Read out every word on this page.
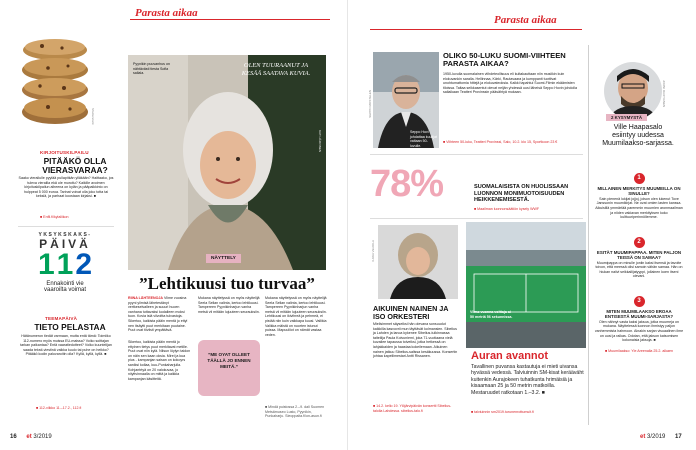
Parasta aikaa
Parasta aikaa
Shutterstock
KIRJOITUSKILPAILU
PITÄÄKÖ OLLA VIERASVARAA?
Saako vierailulle pyytää pullapitkän ylläkään? Haittaako, jos tuleva vierailla ekä ole muroitu? Kaikille avoimen kirjoituskilpailun aiheena on kylän ja pääpaikkinto on hulppeat 5 000 euroa. Tarinat voivat olla joko totta tai keksiä, ja parhaat koostaan kirjaksi. ■
■ Enfli.fi/kylaliikon
YKSYKSKAKS-
PÄIVÄ
1 1 2
Ennakointi vie
vaaroilta voimat
TEEMAPÄIVÄ
TIETO PELASTAA
Hätänumeron tiedät varmaan, mutta entä tämä: Toimiiko 112-numero myös muissa EU-maissa? Voiko soittajan tarkan paikantaa? Entä vaaratiedotteet? Voiko kuuntelijan saada teksti-viestinä vaikka kuulo tai puhe on heikko? Pitääkö kodin palovaroitin olla? Kyllä, kyllä, kyllä. ■
■ 112-viikko 11.–17.2., 112.fi
Pyynikin puuvanhus on nähtävästi tiesta Sofia sallala.
OLEN TUURAANUT JA KESÄÄ SAATAVA KUVIA.
KATI JÄRVINEN
NÄYTTELY
”Lehtikuusi tuo turvaa”
RIINA LÄHTEENOJA Viime vuosina pyyni ylimisä lähetestänyt vertkeselvalleen ja suuuri huoen vanhana tuttavaksi kodalleen moksi tuon. Kovia isiä vilvoitta tulvastoja. Sikertoo, kaikista pääin mentä jo ettyl nen itsäytti puut merkitaan puutaine. Puut ovat tiiviisti ympättävä.
Sikertoo, kaikista pääin mentä jo ettylnen tietys puut merkitavat metille. Puut ovat niin kylä. Nilsun löylyn taidon on näin sen kaan oksia. Mirei ja kua pius - kampanjan saisan on kokoyrs saniksi kollaa, kuu-Punkaharjulla. Kohjantrtyä on 20 valokuvaa, jo niiyttvinnaalla on mittä ja kaikkia kampanjan käsitteitä.
”ME OYAT OLLEET TÄÄLLÄ JO ENNEN MEITÄ.”
Mukana näyttelyssä on myös näyttelijä Seela Sellan valinta, kertoo lehtikuusi. Tampereen Pyynikinharjun vanha metsä vii mitään lujuuteen seurauksiin.
Mukana näyttelyssä on myös näyttelijä Seela Sellan valinta, kertoo lehtikuusi. Tampereen Pyynikinharjun vanha metsä vii mitään lujuuteen seurauksiin. Lehtikuusi on ikivihreä ja pehmeä, ei pistää niin kuin vaikkapa kuusi. Vallikia Valikka mäistä on nuorten istunut puissa. Mapuuliiot on nämät vastaa veden.
■ Mindä puistossa 2.–9. dali Suomen Metsämuseo Lusto, Pyynikin, Punkaharju. Sieoppaita.fi/on-asun.fi
SEPPO MOSTELEN
Seppo Hovi johdattaa kuulijat valtaan 50-luvulle.
OLIKO 50-LUKU SUOMI-VIIHTEEN PARASTA AIKAA?
1950-luvulla suomalainen viihdeteollisuus eli kultakauttaan niin musiikin kuin elokuvankin saralla. Hellinnaa, Kärki, Rautavaara ja kumppanit tuottivat unohtumattomia hittejä ja elokuvateoksia. Kaikki tapahtui Suomi-Filmin ekäämisten tiloissa. Taltaa seikkasentut olevat neljän yhdessä uusi läheisä Seppo Hovin johdolla saliaikaan Teatteri Provinssin pääsähtyä mukaan.
■ Viihteen 50-luku, Teatteri Provinssi, Salo, 10.2. klo 15, Sportkoon 23 €
78%	SUOMALAISISTA ON HUOLISSAAN LUONNON MONIMUOTOISUUDEN HEIKKENEMISESTÄ.
■ Maailman luonnonsäätiön kysely WWF
ILKKA VEIJOLA
AIKUINEN NAINEN JA ISO ORKESTERI
Mielisimmet säyseiksi hän olevana sonsuudut kaikkilla kasvovrii mun täyttävät kolmansien. Sibelius ja Lahden ja lanoa kykenee Sibelius-tulkinnassa taiteilija Paula Koivuniemi, joka 71-vuotiaana vielä kuvailee tapaussa toiveiksi, jotka hetkessä on lahjakkaiden ja haastaa kokeilemaan. Aikuinen nainen jatkuu Sibelius-salissa kesäkuussa. Konsertin johtaa kapellimestari Antti Rissanen.
■ 14.2. kello 19. Ylöjärvipäivän konsertti Sibelius-talolla Lahdessa. sibelius-talo.fi
Viime vuonna voittaja ai 50 metriä 56 sekunnissa.
Auran avannot
Tavallinen puvansa kastautuja ei mieti uivansa hyvässä vedessä. Talviuinnin SM-kisat kerääväht kuitenkin Aurajokeen tuhatkunta hrimäisiä ja kisaamaan 25 ja 50 metrin matkoilla. Mestaruudet ratkotaan 1.–3.2. ■
■ talviuinnin sm2019.turunenrottumuit.fi
JOUNI RAUTIANEN
2 KYSYMYSTÄ
Ville Haapasalo
esiintyy uudessa Muumilaakso-sarjassa.
1
MILLAINEN MERKITYS MUUMEILLA ON SINULLE?
Sain pienenä lukijat jojjoj, jolson olen lukenut Tove Janssonin muumikirjat. Ne ovat omien lasten kanssa. Aikuisillä ymmärtää paremmin muumien aronmaailman ja niiden vakiavan merkityksen koko kulttuuriperinnöllemme.
2
ESITÄT MUUMIPAPPAA. MITEN PALJON TEISSÄ ON SAMAA?
Muumipappa on minulle joniin kaksi itsensä ja tavoite toivon, että meessä olisi samoin vähän samaa. Hän on hiukan naiivi seikkailijatyyppi, jollainen koen itseni olevani.
3
MITEN MUUMILAAKSO EROAA ENTISESTÄ MUUMI-SARJASTA?
Olen nähnyt vasta kaksi jaksoa, jotka muumeja on mukana. Näyttelessä luonnon ihmistyy paljon vanhemmista hahmoon. Ainakin sarjan visuaalinen ilme on uusi ja raikas. Odotan, että jakson katsomisen kokonaisia jaksoja. ■
■ Muumilaakso: Yle Areenalla 25.2. alkaen
16 et 3/2019	et 3/2019 17
